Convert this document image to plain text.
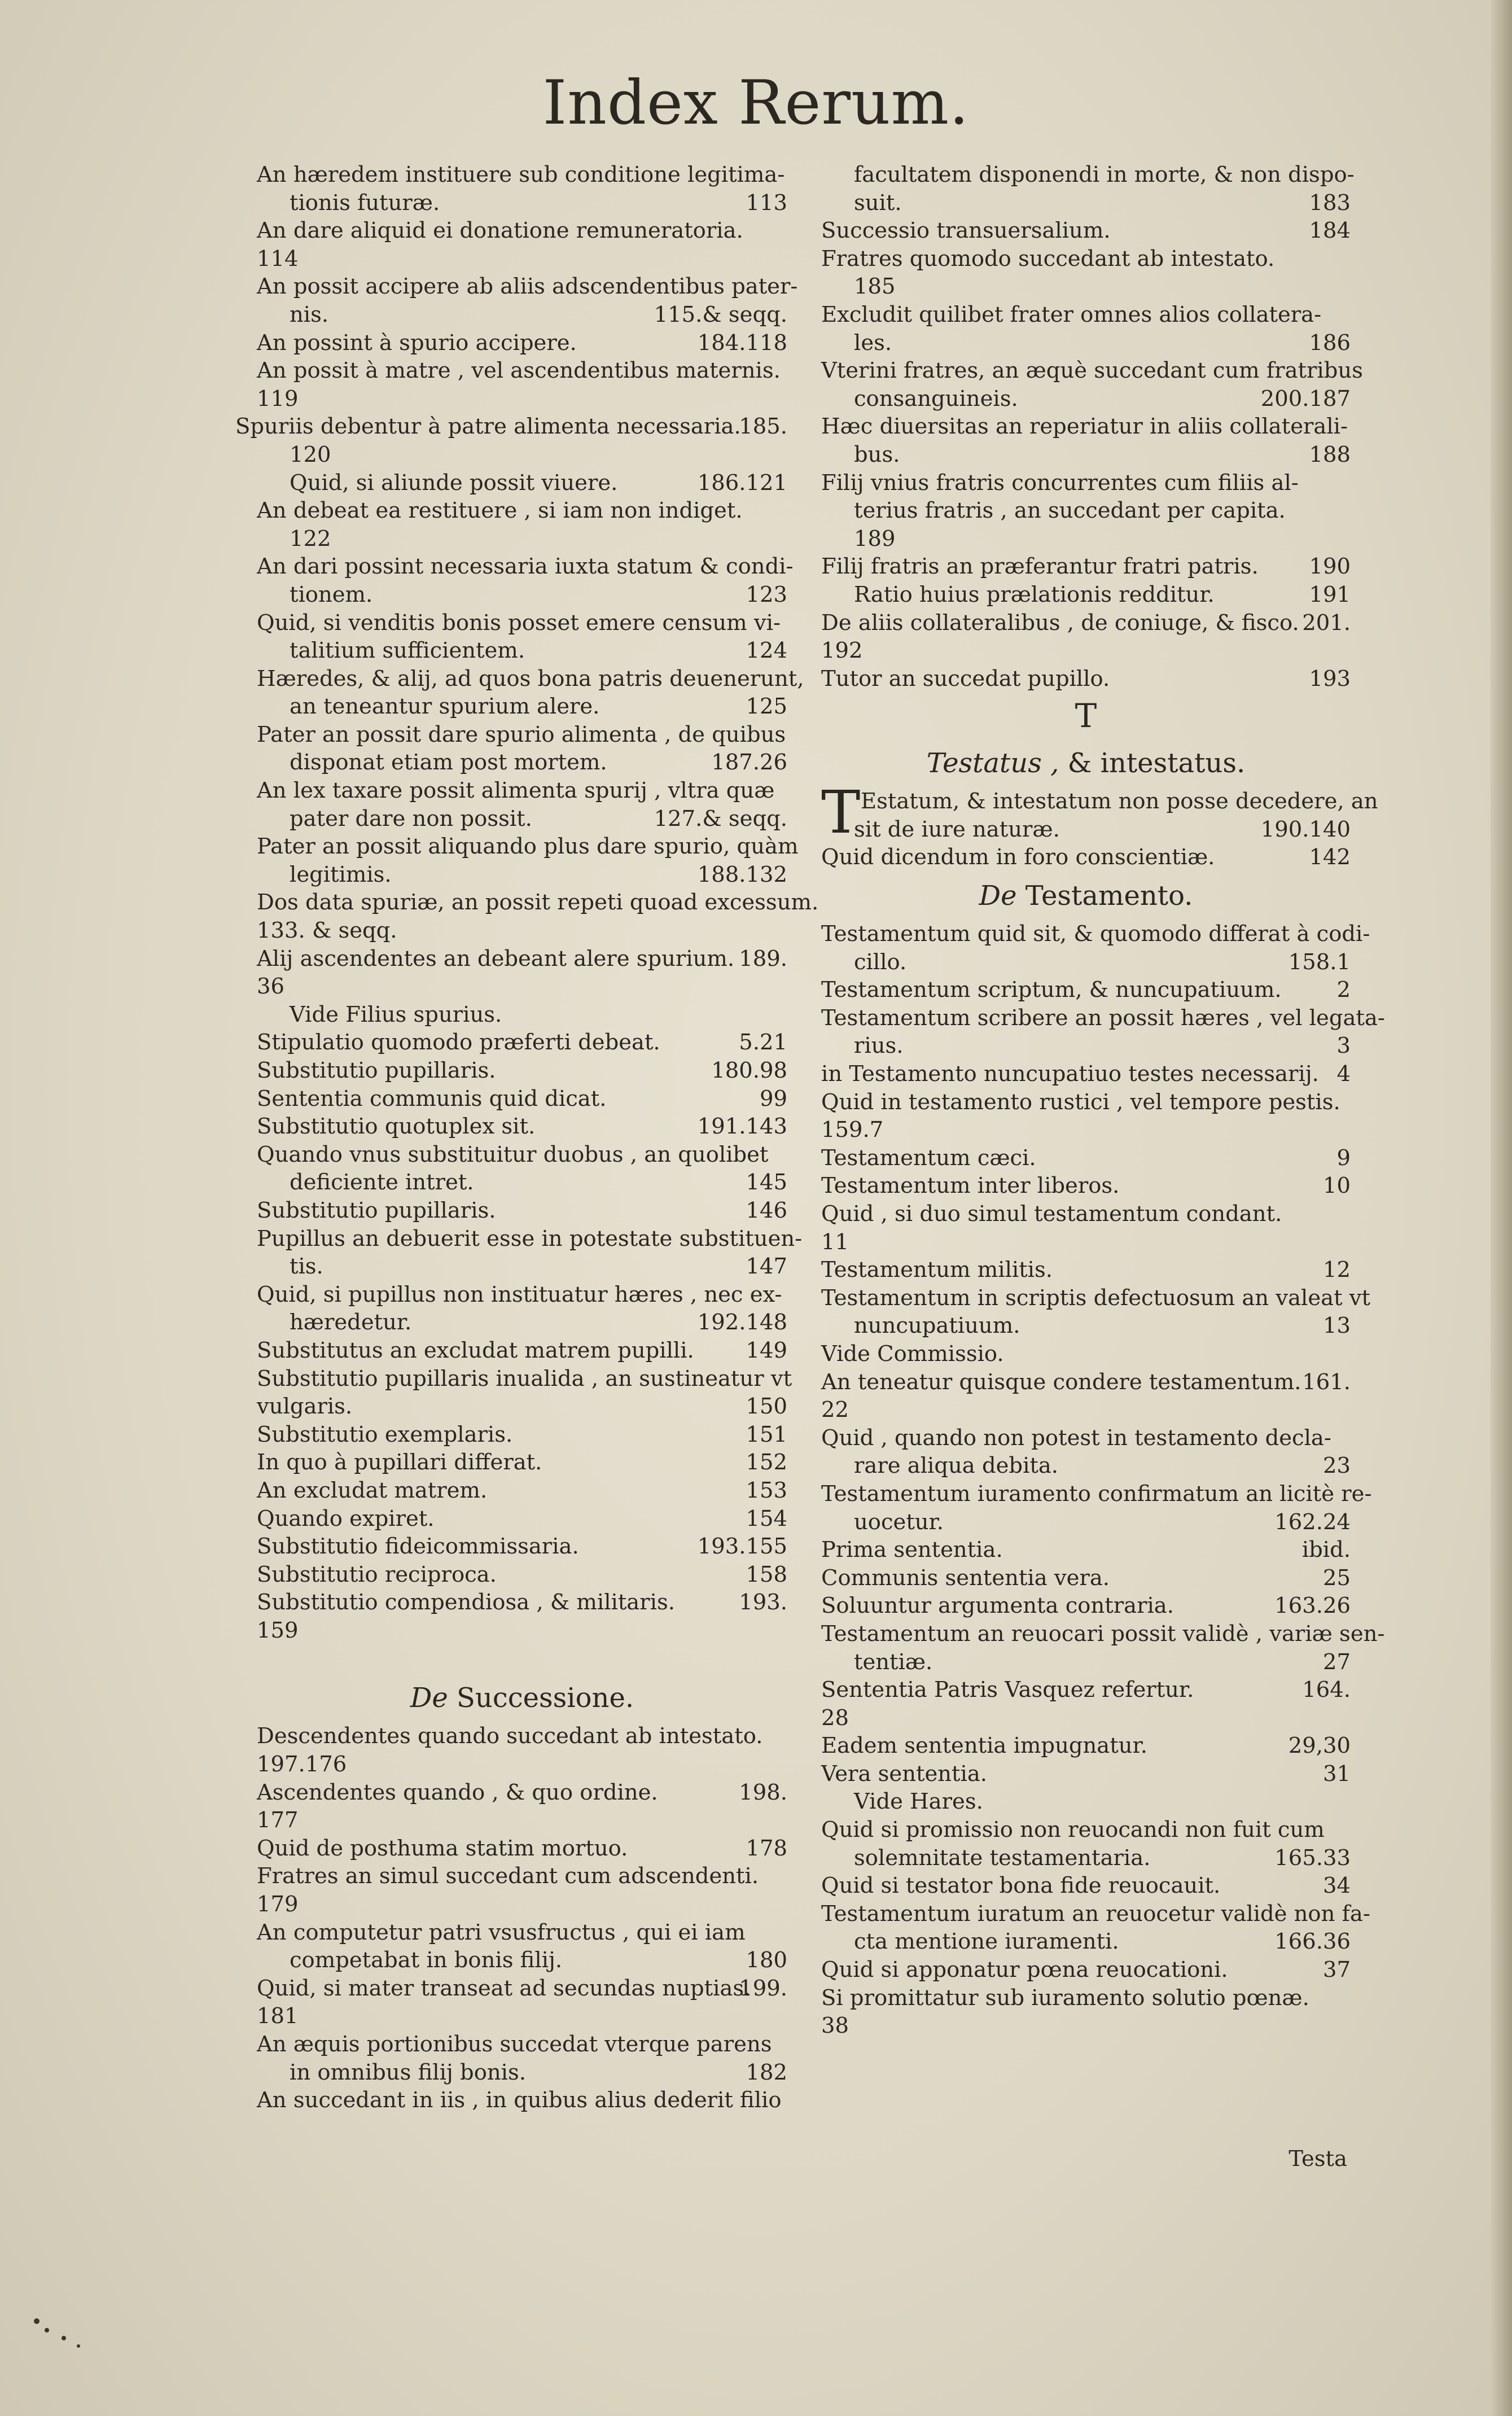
Index Rerum.
An hæredem instituere sub conditione legitima-
tionis futuræ.	113
An dare aliquid ei donatione remuneratoria.
114
An possit accipere ab aliis adscendentibus pater-
nis.	115.& seqq.
An possint à spurio accipere.	184.118
An possit à matre , vel ascendentibus maternis.
119
Spuriis debentur à patre alimenta necessaria.
185.
120
Quid, si aliunde possit viuere.	186.121
An debeat ea restituere , si iam non indiget.
122
An dari possint necessaria iuxta statum & condi-
tionem.	123
Quid, si venditis bonis posset emere censum vi-
talitium sufficientem.	124
Hæredes, & alij, ad quos bona patris deuenerunt,
an teneantur spurium alere.	125
Pater an possit dare spurio alimenta , de quibus
disponat etiam post mortem.	187.26
An lex taxare possit alimenta spurij , vltra quæ
pater dare non possit.	127.& seqq.
Pater an possit aliquando plus dare spurio, quàm
legitimis.	188.132
Dos data spuriæ, an possit repeti quoad excessum.
133. & seqq.
Alij ascendentes an debeant alere spurium. 189.
36
Vide Filius spurius.
Stipulatio quomodo præferti debeat.	5.21
Substitutio pupillaris.	180.98
Sententia communis quid dicat.	99
Substitutio quotuplex sit.	191.143
Quando vnus substituitur duobus , an quolibet
deficiente intret.	145
Substitutio pupillaris.	146
Pupillus an debuerit esse in potestate substituen-
tis.	147
Quid, si pupillus non instituatur hæres , nec ex-
hæredetur.	192.148
Substitutus an excludat matrem pupilli. 149
Substitutio pupillaris inualida , an sustineatur vt
vulgaris.	150
Substitutio exemplaris.	151
In quo à pupillari differat.	152
An excludat matrem.	153
Quando expiret.	154
Substitutio fideicommissaria.	193.155
Substitutio reciproca.	158
Substitutio compendiosa , & militaris.	193.
159
De Successione.
Descendentes quando succedant ab intestato.
197.176
Ascendentes quando , & quo ordine.	198.
177
Quid de posthuma statim mortuo.	178
Fratres an simul succedant cum adscendenti.
179
An computetur patri vsusfructus , qui ei iam
competabat in bonis filij.	180
Quid, si mater transeat ad secundas nuptias.
199.
181
An æquis portionibus succedat vterque parens
in omnibus filij bonis.	182
An succedant in iis , in quibus alius dederit filio
facultatem disponendi in morte, & non dispo-
suit.	183
Successio transuersalium.	184
Fratres quomodo succedant ab intestato.
185
Excludit quilibet frater omnes alios collatera-
les.	186
Vterini fratres, an æquè succedant cum fratribus
consanguineis.	200.187
Hæc diuersitas an reperiatur in aliis collaterali-
bus.	188
Filij vnius fratris concurrentes cum filiis al-
terius fratris , an succedant per capita.
189
Filij fratris an præferantur fratri patris. 190
Ratio huius prælationis redditur.	191
De aliis collateralibus , de coniuge, & fisco. 201.
192
Tutor an succedat pupillo.	193
T
Testatus , & intestatus.
T Estatum, & intestatum non posse decedere, an
sit de iure naturæ.	190.140
Quid dicendum in foro conscientiæ.	142
De Testamento.
Testamentum quid sit, & quomodo differat à codi-
cillo.	158.1
Testamentum scriptum, & nuncupatiuum.	2
Testamentum scribere an possit hæres , vel legata-
rius.	3
in Testamento nuncupatiuo testes necessarij. 4
Quid in testamento rustici , vel tempore pestis.
159.7
Testamentum cæci.	9
Testamentum inter liberos.	10
Quid , si duo simul testamentum condant.
11
Testamentum militis.	12
Testamentum in scriptis defectuosum an valeat vt
nuncupatiuum.	13
Vide Commissio.
An teneatur quisque condere testamentum. 161.
22
Quid , quando non potest in testamento decla-
rare aliqua debita.	23
Testamentum iuramento confirmatum an licitè re-
uocetur.	162.24
Prima sententia.	ibid.
Communis sententia vera.	25
Soluuntur argumenta contraria.	163.26
Testamentum an reuocari possit validè , variæ sen-
tentiæ.	27
Sententia Patris Vasquez refertur.	164.
28
Eadem sententia impugnatur.	29,30
Vera sententia.	31
Vide Hares.
Quid si promissio non reuocandi non fuit cum
solemnitate testamentaria.	165.33
Quid si testator bona fide reuocauit.	34
Testamentum iuratum an reuocetur validè non fa-
cta mentione iuramenti.	166.36
Quid si apponatur pœna reuocationi.	37
Si promittatur sub iuramento solutio pœnæ.
38
Testa
